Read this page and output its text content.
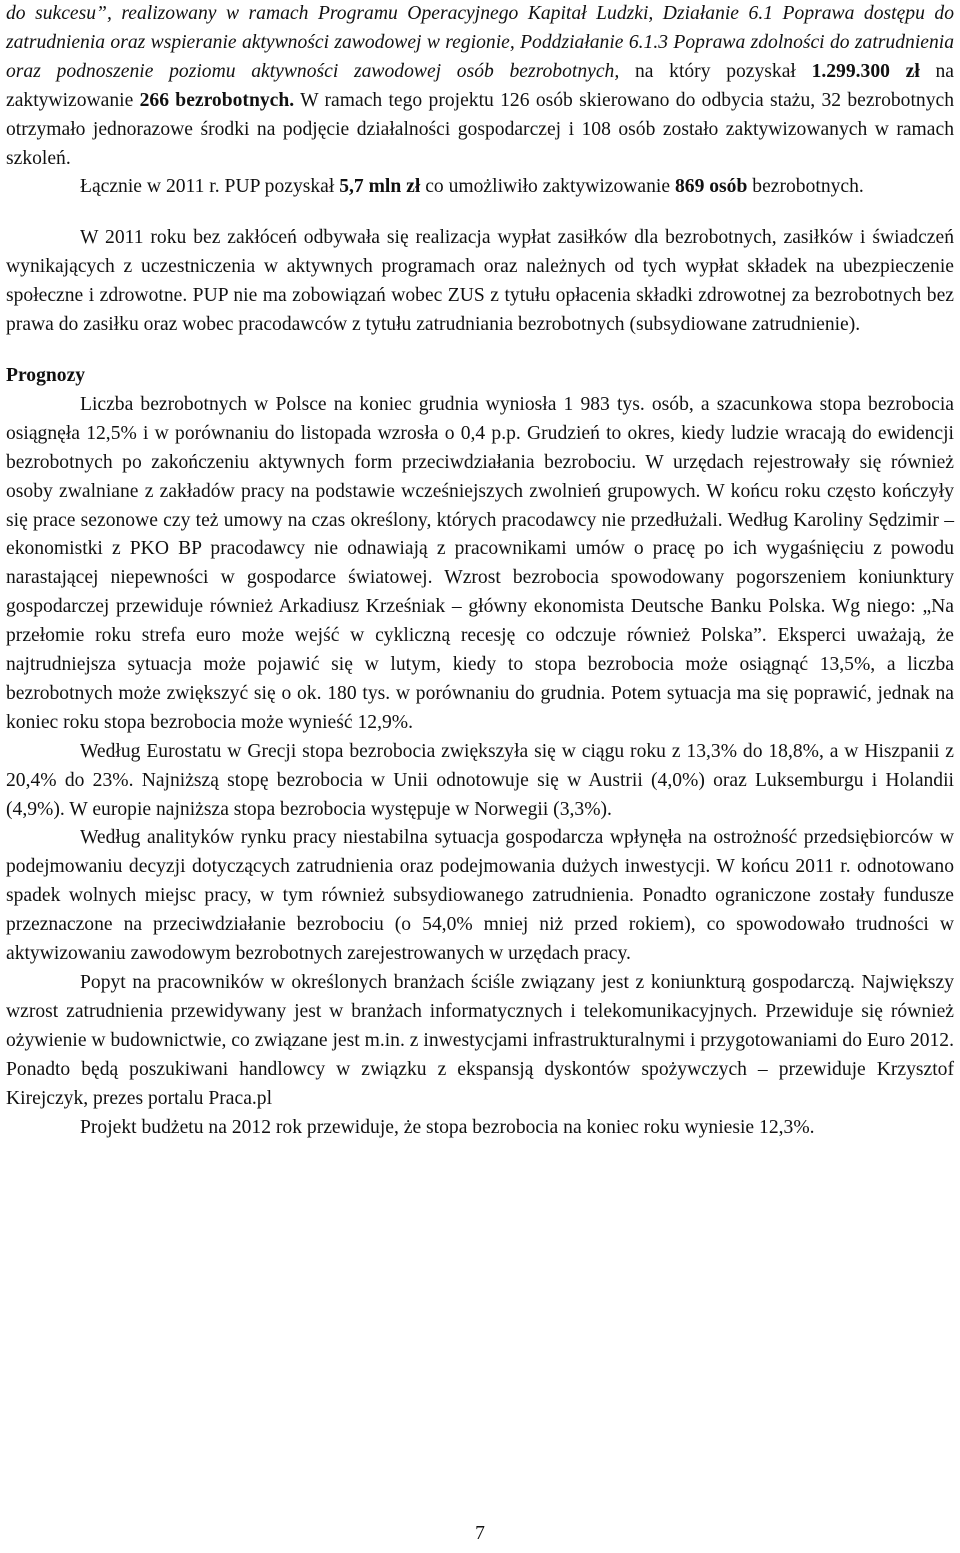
do sukcesu”, realizowany w ramach Programu Operacyjnego Kapitał Ludzki, Działanie 6.1 Poprawa dostępu do zatrudnienia oraz wspieranie aktywności zawodowej w regionie, Poddziałanie 6.1.3 Poprawa zdolności do zatrudnienia oraz podnoszenie poziomu aktywności zawodowej osób bezrobotnych, na który pozyskał 1.299.300 zł na zaktywizowanie 266 bezrobotnych. W ramach tego projektu 126 osób skierowano do odbycia stażu, 32 bezrobotnych otrzymało jednorazowe środki na podjęcie działalności gospodarczej i 108 osób zostało zaktywizowanych w ramach szkoleń.

Łącznie w 2011 r. PUP pozyskał 5,7 mln zł co umożliwiło zaktywizowanie 869 osób bezrobotnych.

W 2011 roku bez zakłóceń odbywała się realizacja wypłat zasiłków dla bezrobotnych, zasiłków i świadczeń wynikających z uczestniczenia w aktywnych programach oraz należnych od tych wypłat składek na ubezpieczenie społeczne i zdrowotne. PUP nie ma zobowiązań wobec ZUS z tytułu opłacenia składki zdrowotnej za bezrobotnych bez prawa do zasiłku oraz wobec pracodawców z tytułu zatrudniania bezrobotnych (subsydiowane zatrudnienie).

Prognozy

Liczba bezrobotnych w Polsce na koniec grudnia wyniosła 1 983 tys. osób, a szacunkowa stopa bezrobocia osiągnęła 12,5% i w porównaniu do listopada wzrosła o 0,4 p.p. Grudzień to okres, kiedy ludzie wracają do ewidencji bezrobotnych po zakończeniu aktywnych form przeciwdziałania bezrobociu. W urzędach rejestrowały się również osoby zwalniane z zakładów pracy na podstawie wcześniejszych zwolnień grupowych. W końcu roku często kończyły się prace sezonowe czy też umowy na czas określony, których pracodawcy nie przedłużali. Według Karoliny Sędzimir – ekonomistki z PKO BP pracodawcy nie odnawiają z pracownikami umów o pracę po ich wygaśnięciu z powodu narastającej niepewności w gospodarce światowej. Wzrost bezrobocia spowodowany pogorszeniem koniunktury gospodarczej przewiduje również Arkadiusz Krześniak – główny ekonomista Deutsche Banku Polska. Wg niego: „Na przełomie roku strefa euro może wejść w cykliczną recesję co odczuje również Polska”. Eksperci uważają, że najtrudniejsza sytuacja może pojawić się w lutym, kiedy to stopa bezrobocia może osiągnąć 13,5%, a liczba bezrobotnych może zwiększyć się o ok. 180 tys. w porównaniu do grudnia. Potem sytuacja ma się poprawić, jednak na koniec roku stopa bezrobocia może wynieść 12,9%.

Według Eurostatu w Grecji stopa bezrobocia zwiększyła się w ciągu roku z 13,3% do 18,8%, a w Hiszpanii z 20,4% do 23%. Najniższą stopę bezrobocia w Unii odnotowuje się w Austrii (4,0%) oraz Luksemburgu i Holandii (4,9%). W europie najniższa stopa bezrobocia występuje w Norwegii (3,3%).

Według analityków rynku pracy niestabilna sytuacja gospodarcza wpłynęła na ostrożność przedsiębiorców w podejmowaniu decyzji dotyczących zatrudnienia oraz podejmowania dużych inwestycji. W końcu 2011 r. odnotowano spadek wolnych miejsc pracy, w tym również subsydiowanego zatrudnienia. Ponadto ograniczone zostały fundusze przeznaczone na przeciwdziałanie bezrobociu (o 54,0% mniej niż przed rokiem), co spowodowało trudności w aktywizowaniu zawodowym bezrobotnych zarejestrowanych w urzędach pracy.

Popyt na pracowników w określonych branżach ściśle związany jest z koniunkturą gospodarczą. Największy wzrost zatrudnienia przewidywany jest w branżach informatycznych i telekomunikacyjnych. Przewiduje się również ożywienie w budownictwie, co związane jest m.in. z inwestycjami infrastrukturalnymi i przygotowaniami do Euro 2012. Ponadto będą poszukiwani handlowcy w związku z ekspansją dyskontów spożywczych – przewiduje Krzysztof Kirejczyk, prezes portalu Praca.pl

Projekt budżetu na 2012 rok przewiduje, że stopa bezrobocia na koniec roku wyniesie 12,3%.

7
